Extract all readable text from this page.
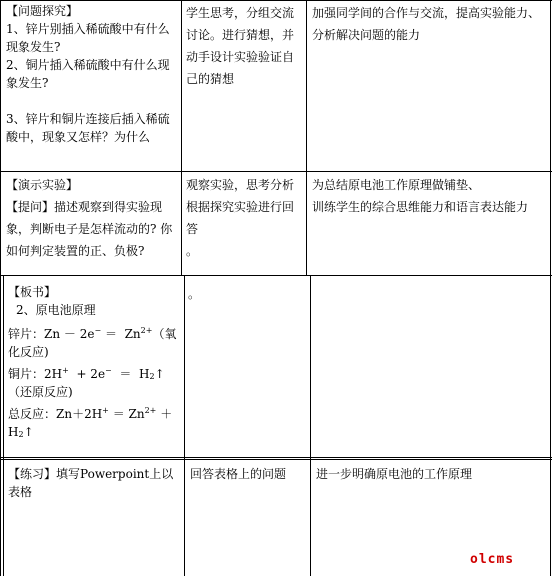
【问题探究】

1、锌片别插入稀硫酸中有什么现象发生?

2、铜片插入稀硫酸中有什么现象发生?

3、锌片和铜片连接后插入稀硫酸中，现象又怎样？为什么

学生思考，分组交流讨论。进行猜想，并动手设计实验验证自己的猜想

加强同学间的合作与交流，提高实验能力、分析解决问题的能力

【演示实验】

【提问】描述观察到得实验现象，判断电子是怎样流动的? 你如何判定装置的正、负极?

观察实验，思考分析根据探究实验进行回答

。

为总结原电池工作原理做铺垫、

训练学生的综合思维能力和语言表达能力

【板书】

2、原电池原理

锌片：$Zn - 2e^- = Zn^{2+}$（氧化反应)

铜片：$2H^+ + 2e^- = H_2↑$ （还原反应)

总反应：$Zn+2H^+ = Zn^{2+}$ ＋ $H_2↑$

。

【练习】填写Powerpoint上以表格

回答表格上的问题	进一步明确原电池的工作原理

olcms
